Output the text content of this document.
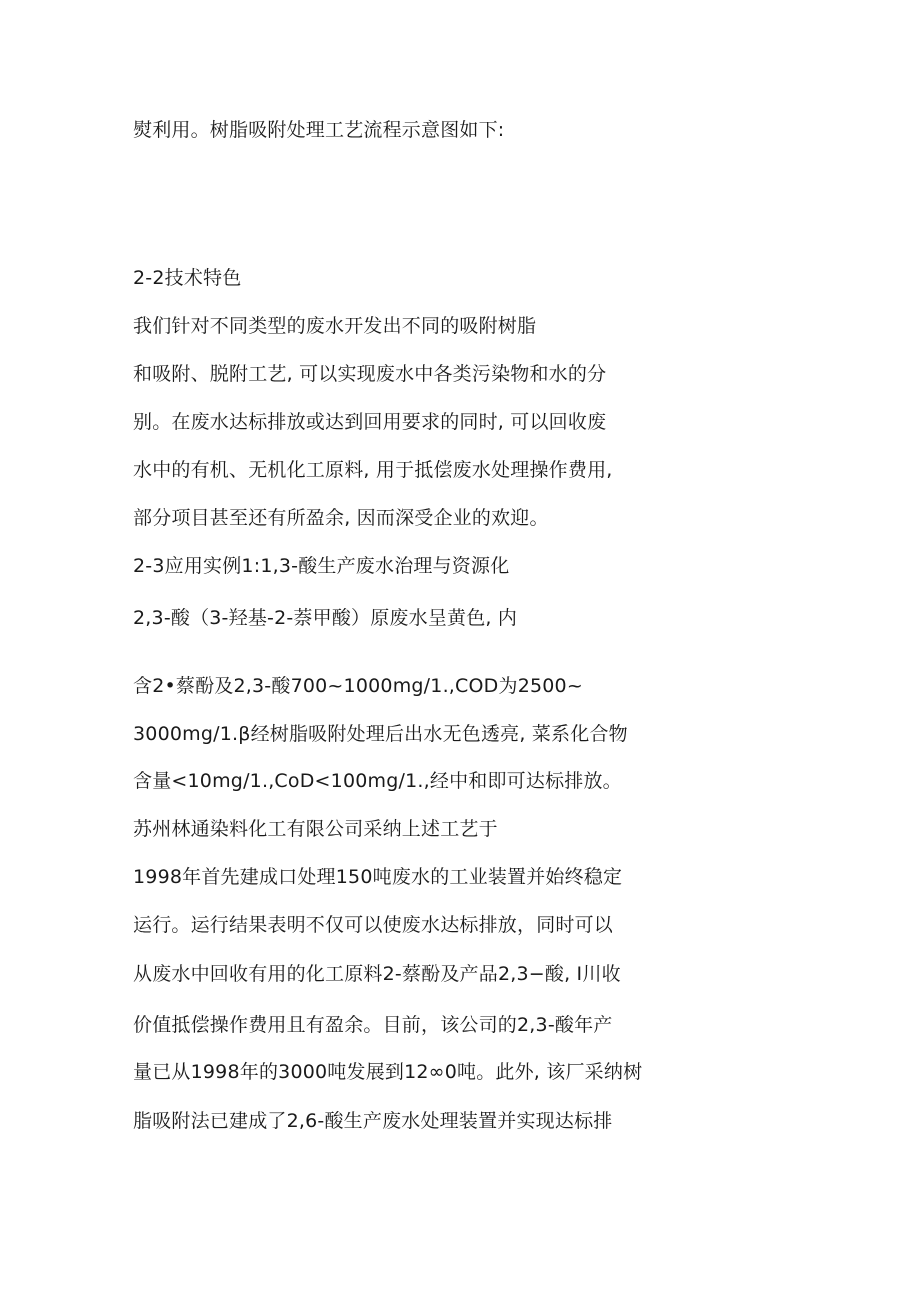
熨利用。树脂吸附处理工艺流程示意图如下:
2-2技术特色
我们针对不同类型的废水开发出不同的吸附树脂
和吸附、脱附工艺, 可以实现废水中各类污染物和水的分
别。在废水达标排放或达到回用要求的同时, 可以回收废
水中的有机、无机化工原料, 用于抵偿废水处理操作费用,
部分项目甚至还有所盈余, 因而深受企业的欢迎。
2-3应用实例1:1,3-酸生产废水治理与资源化
2,3-酸（3-羟基-2-萘甲酸）原废水呈黄色, 内
含2•蔡酚及2,3-酸700~1000mg∕1.,COD为2500~
3000mg∕1.β经树脂吸附处理后出水无色透亮, 菜系化合物
含量<10mg∕1.,CoD<100mg∕1.,经中和即可达标排放。
苏州林通染料化工有限公司采纳上述工艺于
1998年首先建成口处理150吨废水的工业装置并始终稳定
运行。运行结果表明不仅可以使废水达标排放，同时可以
从废水中回收有用的化工原料2-蔡酚及产品2,3−酸, I川收
价值抵偿操作费用且有盈余。目前，该公司的2,3-酸年产
量已从1998年的3000吨发展到12∞0吨。此外, 该厂采纳树
脂吸附法已建成了2,6-酸生产废水处理装置并实现达标排
